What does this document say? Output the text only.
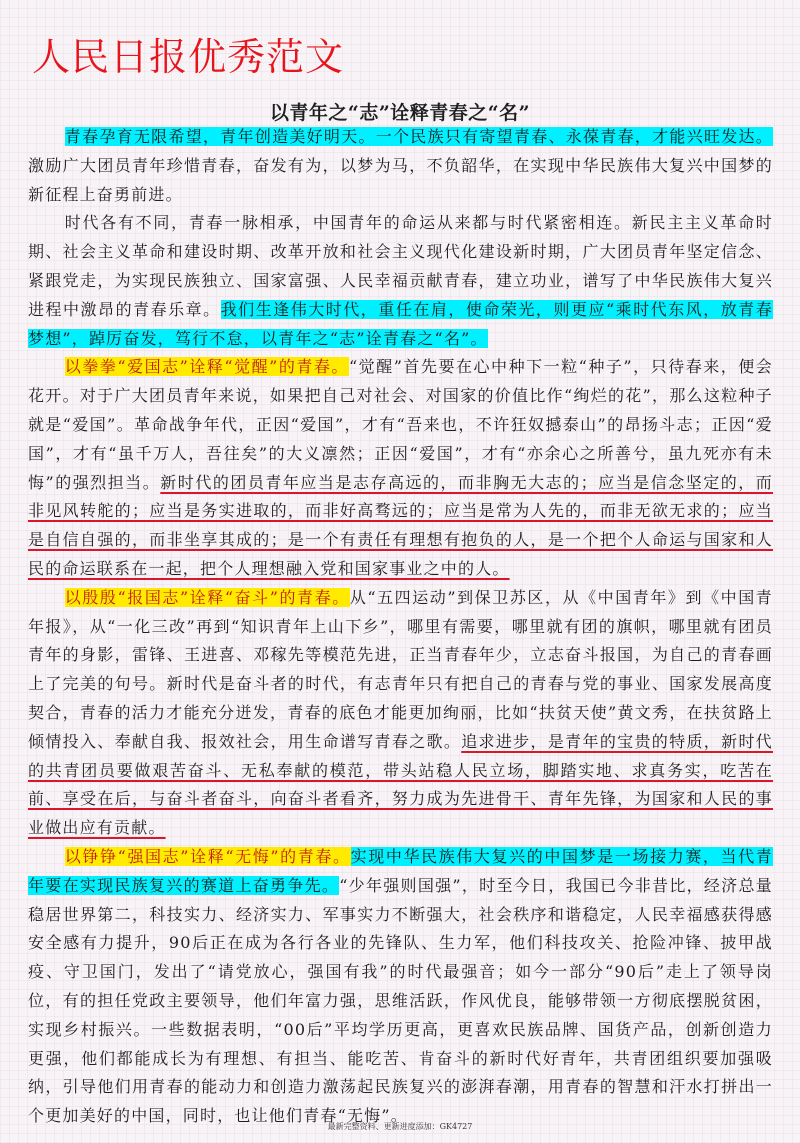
人民日报优秀范文
以青年之“志”诠释青春之“名”

青春孕育无限希望，青年创造美好明天。一个民族只有寄望青春、永葆青春，才能兴旺发达。激励广大团员青年珍惜青春，奋发有为，以梦为马，不负韶华，在实现中华民族伟大复兴中国梦的新征程上奋勇前进。

时代各有不同，青春一脉相承，中国青年的命运从来都与时代紧密相连。新民主主义革命时期、社会主义革命和建设时期、改革开放和社会主义现代化建设新时期，广大团员青年坚定信念、紧跟党走，为实现民族独立、国家富强、人民幸福贡献青春，建立功业，谱写了中华民族伟大复兴进程中激昂的青春乐章。我们生逢伟大时代，重任在肩，使命荣光，则更应“乘时代东风，放青春梦想”，踔厉奋发，笃行不怠，以青年之“志”诠青春之“名”。

以拳拳“爱国志”诠释“觉醒”的青春。“觉醒”首先要在心中种下一粒“种子”，只待春来，便会花开。对于广大团员青年来说，如果把自己对社会、对国家的价值比作“绚烂的花”，那么这粒种子就是“爱国”。革命战争年代，正因“爱国”，才有“吾来也，不许狂奴撼泰山”的昂扬斗志；正因“爱国”，才有“虽千万人，吾往矣”的大义凛然；正因“爱国”，才有“亦余心之所善兮，虽九死亦有未悔”的强烈担当。新时代的团员青年应当是志存高远的，而非胸无大志的；应当是信念坚定的，而非见风转舵的；应当是务实进取的，而非好高骛远的；应当是常为人先的，而非无欲无求的；应当是自信自强的，而非坐享其成的；是一个有责任有理想有抱负的人，是一个把个人命运与国家和人民的命运联系在一起，把个人理想融入党和国家事业之中的人。

以殷殷“报国志”诠释“奋斗”的青春。从“五四运动”到保卫苏区，从《中国青年》到《中国青年报》，从“一化三改”再到“知识青年上山下乡”，哪里有需要，哪里就有团的旗帜，哪里就有团员青年的身影，雷锋、王进喜、邓稼先等模范先进，正当青春年少，立志奋斗报国，为自己的青春画上了完美的句号。新时代是奋斗者的时代，有志青年只有把自己的青春与党的事业、国家发展高度契合，青春的活力才能充分迸发，青春的底色才能更加绚丽，比如“扶贫天使”黄文秀，在扶贫路上倾情投入、奉献自我、报效社会，用生命谱写青春之歌。追求进步，是青年的宝贵的特质，新时代的共青团员要做艰苦奋斗、无私奉献的模范，带头站稳人民立场，脚踏实地、求真务实，吃苦在前、享受在后，与奋斗者奋斗，向奋斗者看齐，努力成为先进骨干、青年先锋，为国家和人民的事业做出应有贡献。

以铮铮“强国志”诠释“无悔”的青春。实现中华民族伟大复兴的中国梦是一场接力赛，当代青年要在实现民族复兴的赛道上奋勇争先。“少年强则国强”，时至今日，我国已今非昔比，经济总量稳居世界第二，科技实力、经济实力、军事实力不断强大，社会秩序和谐稳定，人民幸福感获得感安全感有力提升，90后正在成为各行各业的先锋队、生力军，他们科技攻关、抢险冲锋、披甲战疫、守卫国门，发出了“请党放心，强国有我”的时代最强音；如今一部分“90后”走上了领导岗位，有的担任党政主要领导，他们年富力强，思维活跃，作风优良，能够带领一方彻底摆脱贫困，实现乡村振兴。一些数据表明，“00后”平均学历更高，更喜欢民族品牌、国货产品，创新创造力更强，他们都能成长为有理想、有担当、能吃苦、肯奋斗的新时代好青年，共青团组织要加强吸纳，引导他们用青春的能动力和创造力激荡起民族复兴的澎湃春潮，用青春的智慧和汗水打拼出一个更加美好的中国，同时，也让他们青春“无悔”。

最新完整资料、更新进度添加：GK4727
